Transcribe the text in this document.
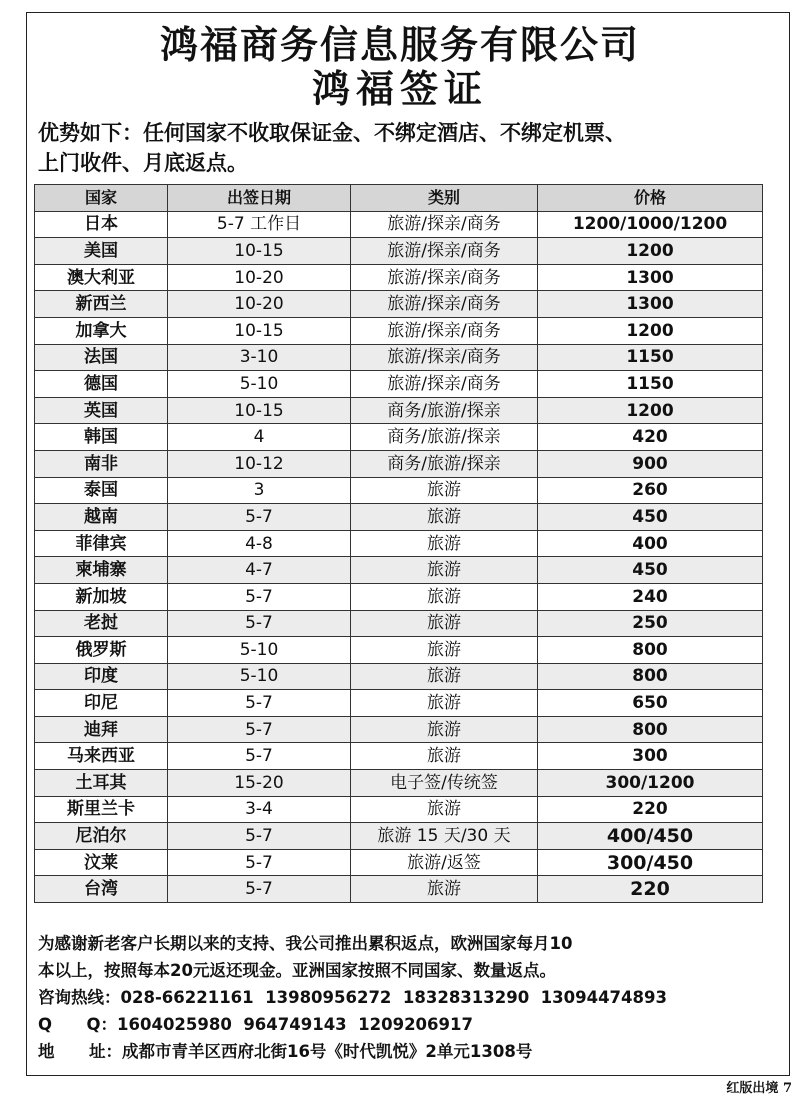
鸿福商务信息服务有限公司
鸿福签证
优势如下：任何国家不收取保证金、不绑定酒店、不绑定机票、
上门收件、月底返点。
国家	出签日期	类别	价格
日本	5-7 工作日	旅游/探亲/商务	1200/1000/1200
美国	10-15	旅游/探亲/商务	1200
澳大利亚	10-20	旅游/探亲/商务	1300
新西兰	10-20	旅游/探亲/商务	1300
加拿大	10-15	旅游/探亲/商务	1200
法国	3-10	旅游/探亲/商务	1150
德国	5-10	旅游/探亲/商务	1150
英国	10-15	商务/旅游/探亲	1200
韩国	4	商务/旅游/探亲	420
南非	10-12	商务/旅游/探亲	900
泰国	3	旅游	260
越南	5-7	旅游	450
菲律宾	4-8	旅游	400
柬埔寨	4-7	旅游	450
新加坡	5-7	旅游	240
老挝	5-7	旅游	250
俄罗斯	5-10	旅游	800
印度	5-10	旅游	800
印尼	5-7	旅游	650
迪拜	5-7	旅游	800
马来西亚	5-7	旅游	300
土耳其	15-20	电子签/传统签	300/1200
斯里兰卡	3-4	旅游	220
尼泊尔	5-7	旅游 15 天/30 天	400/450
汶莱	5-7	旅游/返签	300/450
台湾	5-7	旅游	220
为感谢新老客户长期以来的支持、我公司推出累积返点，欧洲国家每月10
本以上，按照每本20元返还现金。亚洲国家按照不同国家、数量返点。
咨询热线：028-66221161  13980956272  18328313290  13094474893
Q      Q：1604025980  964749143  1209206917
地      址：成都市青羊区西府北街16号《时代凯悦》2单元1308号
红版出境 7
